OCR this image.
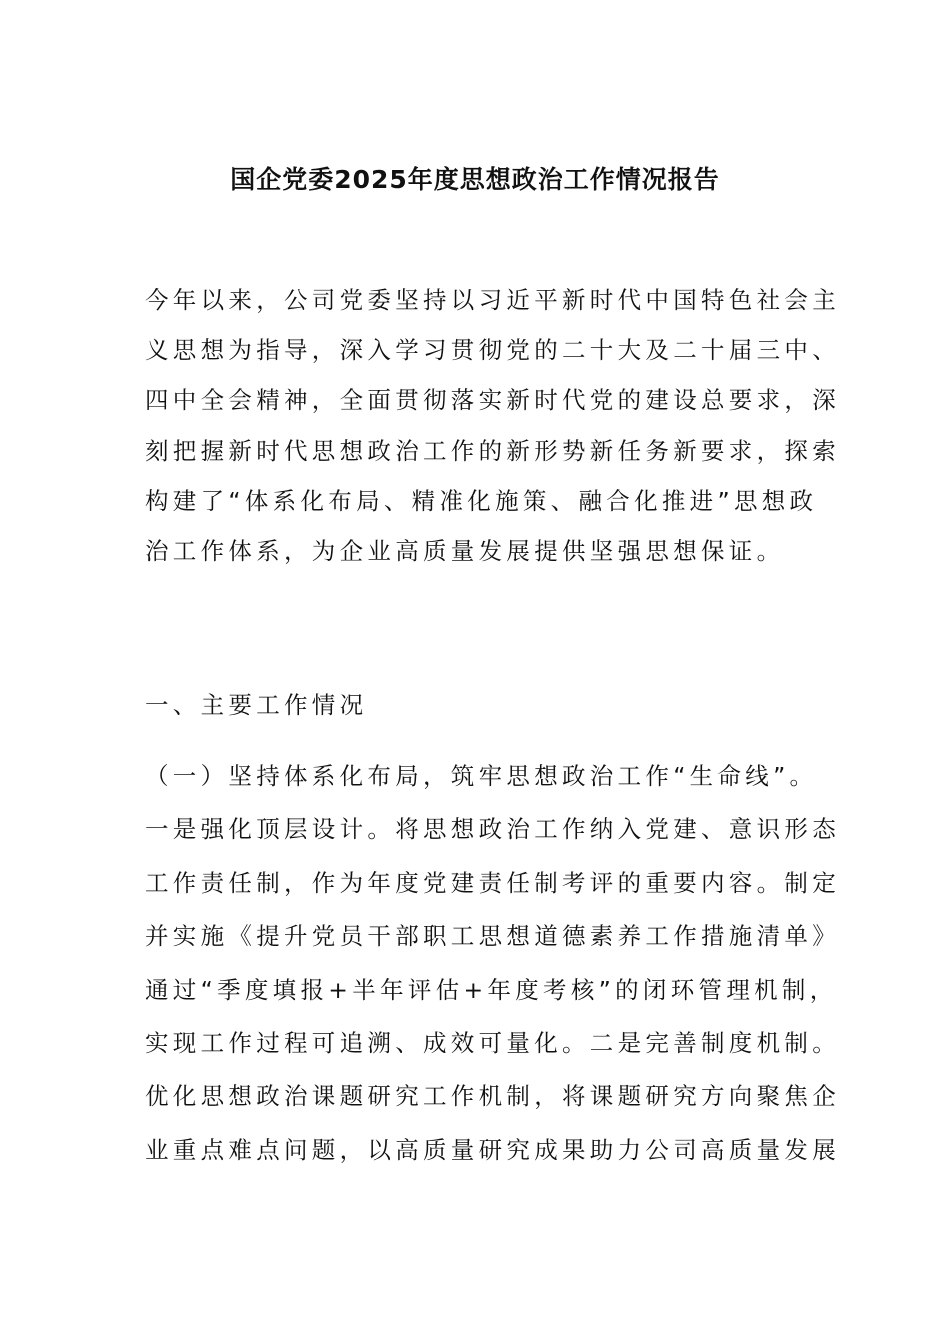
国企党委2025年度思想政治工作情况报告
今年以来，公司党委坚持以习近平新时代中国特色社会主
义思想为指导，深入学习贯彻党的二十大及二十届三中、
四中全会精神，全面贯彻落实新时代党的建设总要求，深
刻把握新时代思想政治工作的新形势新任务新要求，探索
构建了“体系化布局、精准化施策、融合化推进”思想政
治工作体系，为企业高质量发展提供坚强思想保证。
一、主要工作情况
（一）坚持体系化布局，筑牢思想政治工作“生命线”。
一是强化顶层设计。将思想政治工作纳入党建、意识形态
工作责任制，作为年度党建责任制考评的重要内容。制定
并实施《提升党员干部职工思想道德素养工作措施清单》
通过“季度填报+半年评估+年度考核”的闭环管理机制，
实现工作过程可追溯、成效可量化。二是完善制度机制。
优化思想政治课题研究工作机制，将课题研究方向聚焦企
业重点难点问题，以高质量研究成果助力公司高质量发展
